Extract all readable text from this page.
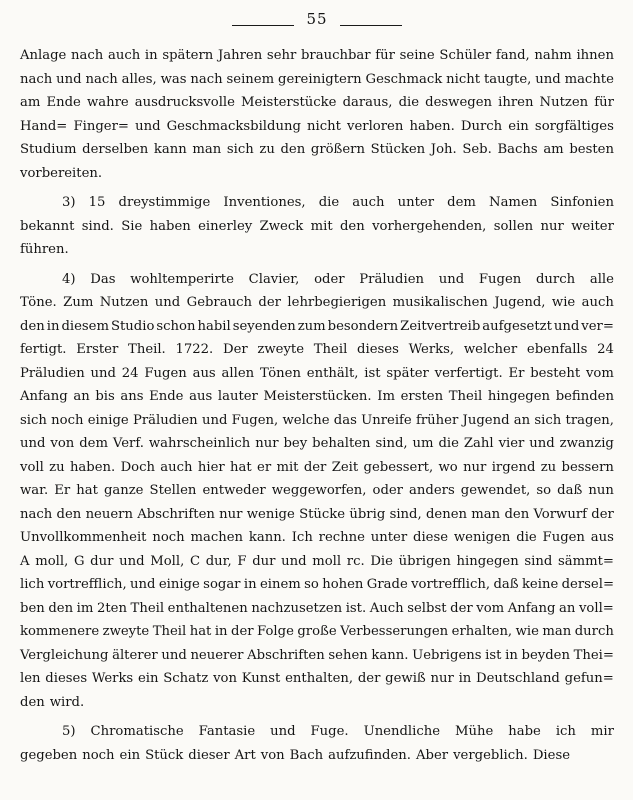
55
Anlage nach auch in spätern Jahren sehr brauchbar für seine Schüler fand, nahm ihnen
nach und nach alles, was nach seinem gereinigtern Geschmack nicht taugte, und machte
am Ende wahre ausdrucksvolle Meisterstücke daraus, die deswegen ihren Nutzen für
Hand= Finger= und Geschmacksbildung nicht verloren haben. Durch ein sorgfältiges
Studium derselben kann man sich zu den größern Stücken Joh. Seb. Bachs am besten
vorbereiten.
3) 15 dreystimmige Inventiones, die auch unter dem Namen Sinfonien
bekannt sind. Sie haben einerley Zweck mit den vorhergehenden, sollen nur weiter
führen.
4) Das wohltemperirte Clavier, oder Präludien und Fugen durch alle
Töne. Zum Nutzen und Gebrauch der lehrbegierigen musikalischen Jugend, wie auch
den in diesem Studio schon habil seyenden zum besondern Zeitvertreib aufgesetzt und ver=
fertigt. Erster Theil. 1722. Der zweyte Theil dieses Werks, welcher ebenfalls 24
Präludien und 24 Fugen aus allen Tönen enthält, ist später verfertigt. Er besteht vom
Anfang an bis ans Ende aus lauter Meisterstücken. Im ersten Theil hingegen befinden
sich noch einige Präludien und Fugen, welche das Unreife früher Jugend an sich tragen,
und von dem Verf. wahrscheinlich nur bey behalten sind, um die Zahl vier und zwanzig
voll zu haben. Doch auch hier hat er mit der Zeit gebessert, wo nur irgend zu bessern
war. Er hat ganze Stellen entweder weggeworfen, oder anders gewendet, so daß nun
nach den neuern Abschriften nur wenige Stücke übrig sind, denen man den Vorwurf der
Unvollkommenheit noch machen kann. Ich rechne unter diese wenigen die Fugen aus
A moll, G dur und Moll, C dur, F dur und moll rc. Die übrigen hingegen sind sämmt=
lich vortrefflich, und einige sogar in einem so hohen Grade vortrefflich, daß keine dersel=
ben den im 2ten Theil enthaltenen nachzusetzen ist. Auch selbst der vom Anfang an voll=
kommenere zweyte Theil hat in der Folge große Verbesserungen erhalten, wie man durch
Vergleichung älterer und neuerer Abschriften sehen kann. Uebrigens ist in beyden Thei=
len dieses Werks ein Schatz von Kunst enthalten, der gewiß nur in Deutschland gefun=
den wird.
5) Chromatische Fantasie und Fuge. Unendliche Mühe habe ich mir
gegeben noch ein Stück dieser Art von Bach aufzufinden. Aber vergeblich. Diese
